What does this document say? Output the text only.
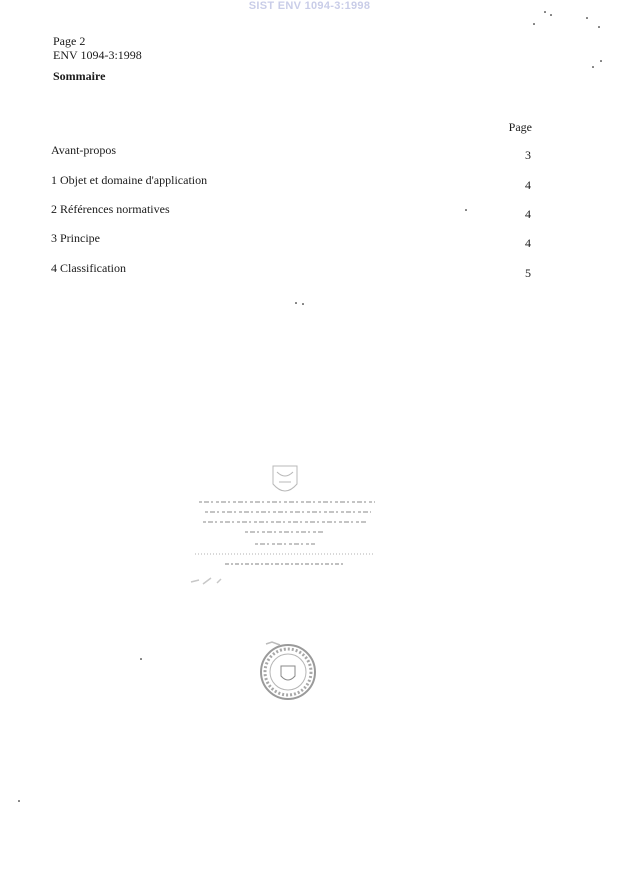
SIST ENV 1094-3:1998
Page 2
ENV 1094-3:1998
Sommaire
Page
Avant-propos	3
1 Objet et domaine d'application	4
2 Références normatives	4
3 Principe	4
4 Classification	5
